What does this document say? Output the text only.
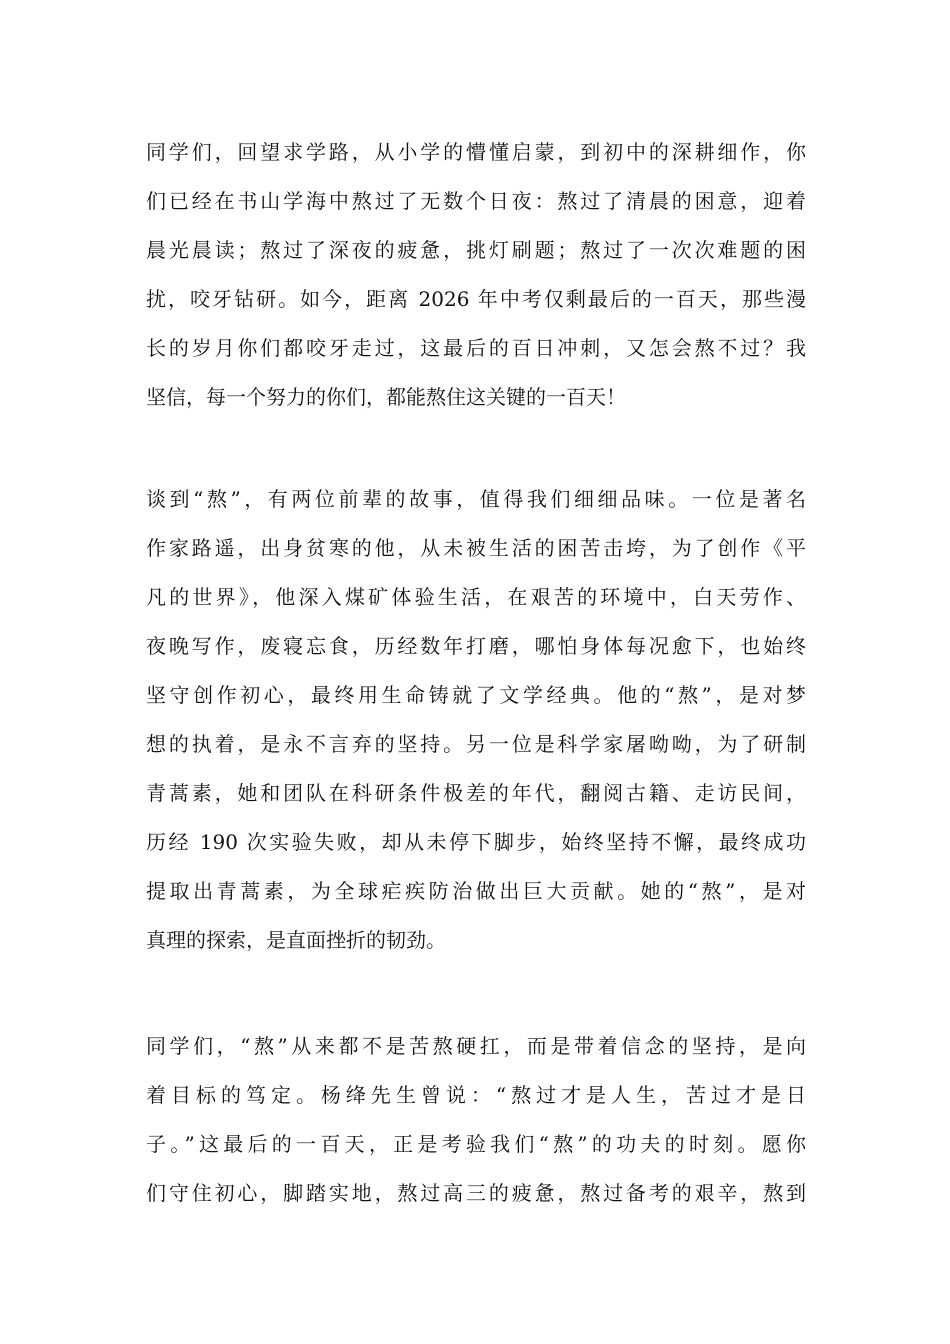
同学们，回望求学路，从小学的懵懂启蒙，到初中的深耕细作，你
们已经在书山学海中熬过了无数个日夜：熬过了清晨的困意，迎着
晨光晨读；熬过了深夜的疲惫，挑灯刷题；熬过了一次次难题的困
扰，咬牙钻研。如今，距离 2026 年中考仅剩最后的一百天，那些漫
长的岁月你们都咬牙走过，这最后的百日冲刺，又怎会熬不过？我
坚信，每一个努力的你们，都能熬住这关键的一百天！
谈到“熬”，有两位前辈的故事，值得我们细细品味。一位是著名
作家路遥，出身贫寒的他，从未被生活的困苦击垮，为了创作《平
凡的世界》，他深入煤矿体验生活，在艰苦的环境中，白天劳作、
夜晚写作，废寝忘食，历经数年打磨，哪怕身体每况愈下，也始终
坚守创作初心，最终用生命铸就了文学经典。他的“熬”，是对梦
想的执着，是永不言弃的坚持。另一位是科学家屠呦呦，为了研制
青蒿素，她和团队在科研条件极差的年代，翻阅古籍、走访民间，
历经 190 次实验失败，却从未停下脚步，始终坚持不懈，最终成功
提取出青蒿素，为全球疟疾防治做出巨大贡献。她的“熬”，是对
真理的探索，是直面挫折的韧劲。
同学们，“熬”从来都不是苦熬硬扛，而是带着信念的坚持，是向
着目标的笃定。杨绛先生曾说：“熬过才是人生，苦过才是日
子。”这最后的一百天，正是考验我们“熬”的功夫的时刻。愿你
们守住初心，脚踏实地，熬过高三的疲惫，熬过备考的艰辛，熬到
